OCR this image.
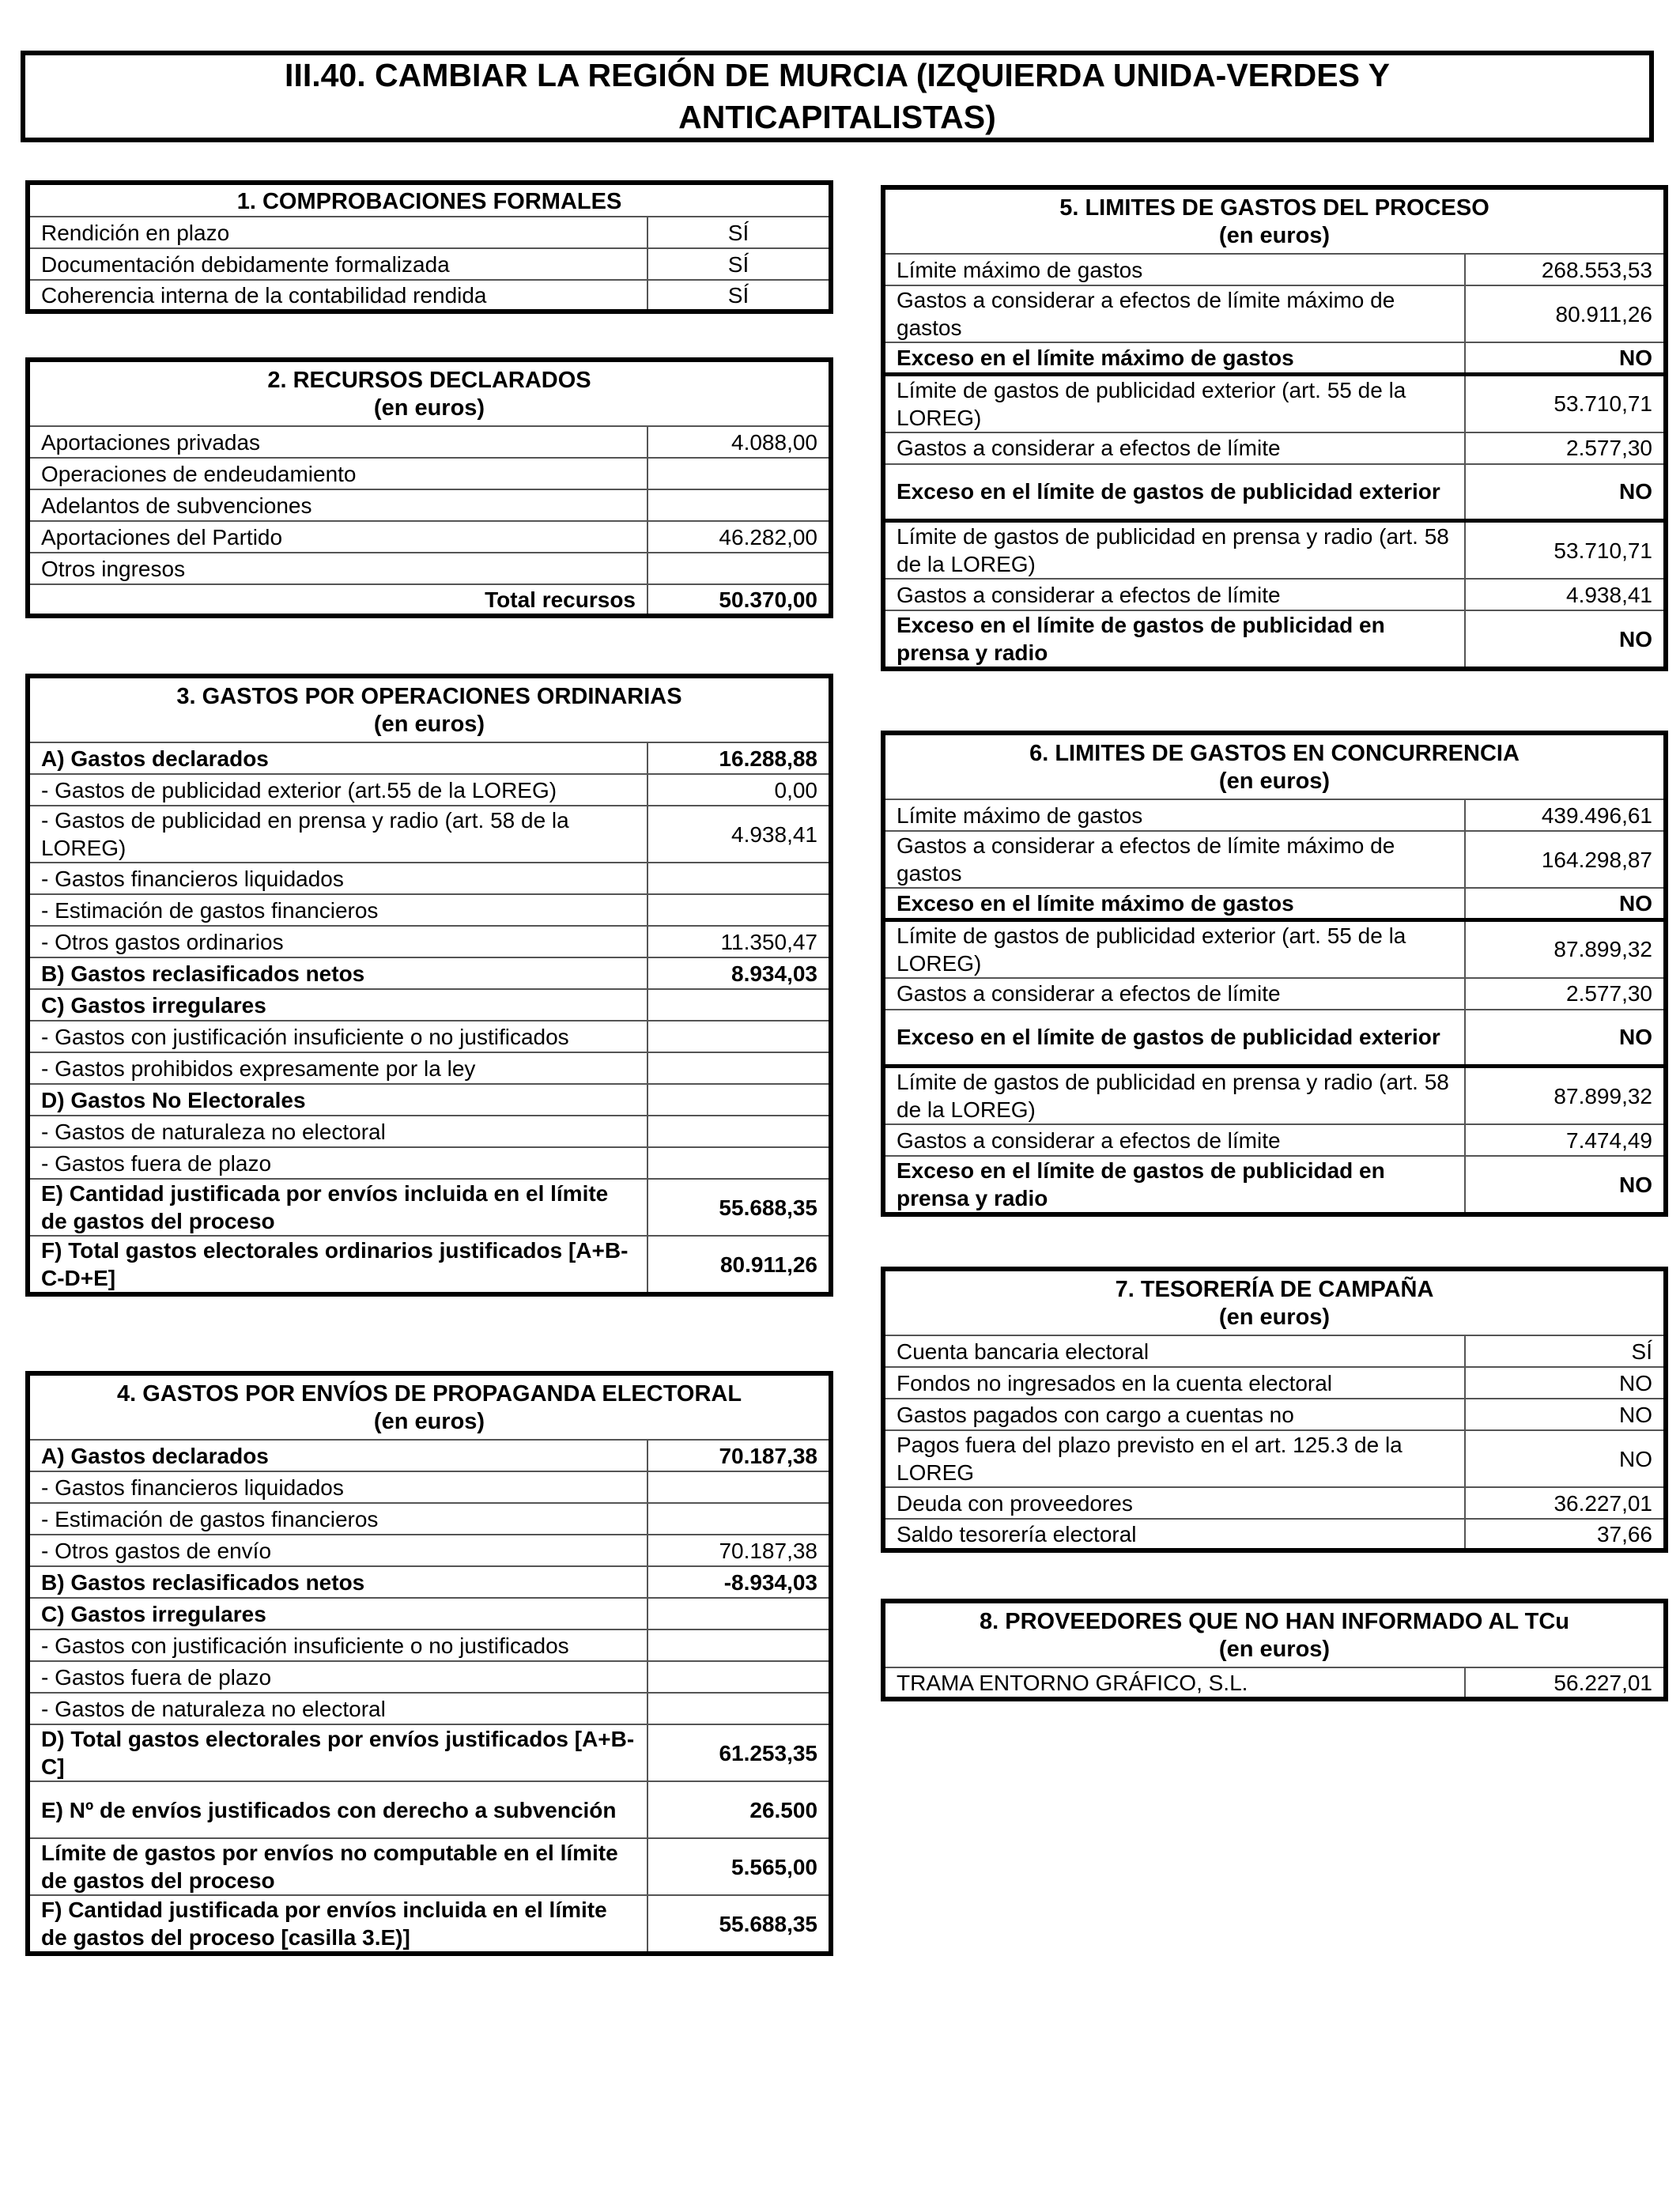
III.40. CAMBIAR LA REGIÓN DE MURCIA (IZQUIERDA UNIDA-VERDES Y
ANTICAPITALISTAS)
1. COMPROBACIONES FORMALES	
Rendición en plazo	SÍ
Documentación debidamente formalizada	SÍ
Coherencia interna de la contabilidad rendida	SÍ
2. RECURSOS DECLARADOS
(en euros)	
Aportaciones privadas	4.088,00
Operaciones de endeudamiento	
Adelantos de subvenciones	
Aportaciones del Partido	46.282,00
Otros ingresos	
Total recursos	50.370,00
3. GASTOS POR OPERACIONES ORDINARIAS
(en euros)	
A) Gastos declarados	16.288,88
- Gastos de publicidad exterior (art.55 de la LOREG)	0,00
- Gastos de publicidad en prensa y radio (art. 58 de la LOREG)	4.938,41
- Gastos financieros liquidados	
- Estimación de gastos financieros	
- Otros gastos ordinarios	11.350,47
B) Gastos reclasificados netos	8.934,03
C) Gastos irregulares	
- Gastos con justificación insuficiente o no justificados	
- Gastos prohibidos expresamente por la ley	
D) Gastos No Electorales	
- Gastos de naturaleza no electoral	
- Gastos fuera de plazo	
E) Cantidad justificada por envíos incluida en el límite de gastos del proceso	55.688,35
F) Total gastos electorales ordinarios justificados [A+B-C-D+E]	80.911,26
4. GASTOS POR ENVÍOS DE PROPAGANDA ELECTORAL
(en euros)	
A) Gastos declarados	70.187,38
- Gastos financieros liquidados	
- Estimación de gastos financieros	
- Otros gastos de envío	70.187,38
B) Gastos reclasificados netos	-8.934,03
C) Gastos irregulares	
- Gastos con justificación insuficiente o no justificados	
- Gastos fuera de plazo	
- Gastos de naturaleza no electoral	
D) Total gastos electorales por envíos justificados [A+B-C]	61.253,35
E) Nº de envíos justificados con derecho a subvención	26.500
Límite de gastos por envíos no computable en el límite de gastos del proceso	5.565,00
F) Cantidad justificada por envíos incluida en el límite de gastos del proceso [casilla 3.E)]	55.688,35
5. LIMITES DE GASTOS DEL PROCESO
(en euros)	
Límite máximo de gastos	268.553,53
Gastos a considerar a efectos de límite máximo de gastos	80.911,26
Exceso en el límite máximo de gastos	NO
Límite de gastos de publicidad exterior (art. 55 de la LOREG)	53.710,71
Gastos a considerar a efectos de límite	2.577,30
Exceso en el límite de gastos de publicidad exterior	NO
Límite de gastos de publicidad en prensa y radio (art. 58 de la LOREG)	53.710,71
Gastos a considerar a efectos de límite	4.938,41
Exceso en el límite de gastos de publicidad en prensa y radio	NO
6. LIMITES DE GASTOS EN CONCURRENCIA
(en euros)	
Límite máximo de gastos	439.496,61
Gastos a considerar a efectos de límite máximo de gastos	164.298,87
Exceso en el límite máximo de gastos	NO
Límite de gastos de publicidad exterior (art. 55 de la LOREG)	87.899,32
Gastos a considerar a efectos de límite	2.577,30
Exceso en el límite de gastos de publicidad exterior	NO
Límite de gastos de publicidad en prensa y radio (art. 58 de la LOREG)	87.899,32
Gastos a considerar a efectos de límite	7.474,49
Exceso en el límite de gastos de publicidad en prensa y radio	NO
7. TESORERÍA DE CAMPAÑA
(en euros)	
Cuenta bancaria electoral	SÍ
Fondos no ingresados en la cuenta electoral	NO
Gastos pagados con cargo a cuentas no	NO
Pagos fuera del plazo previsto en el art. 125.3 de la LOREG	NO
Deuda con proveedores	36.227,01
Saldo tesorería electoral	37,66
8. PROVEEDORES QUE NO HAN INFORMADO AL TCu
(en euros)
TRAMA ENTORNO GRÁFICO, S.L.	56.227,01
